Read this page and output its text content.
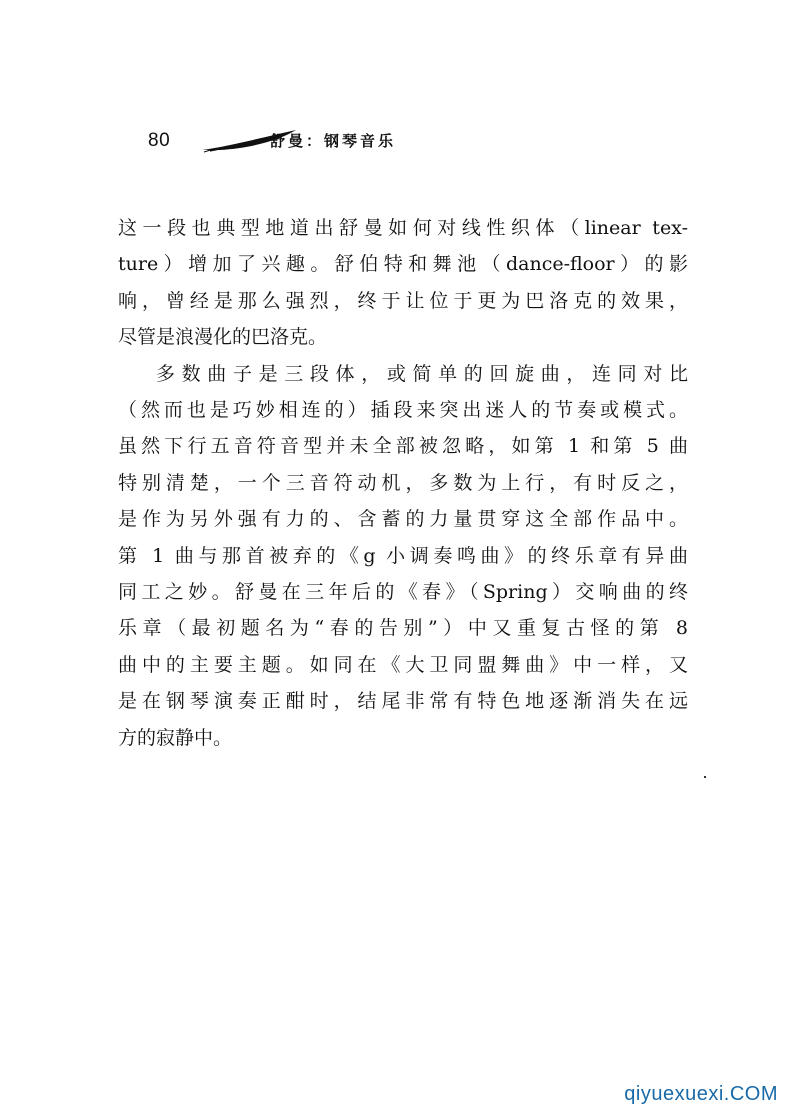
80	舒曼：钢琴音乐

这一段也典型地道出舒曼如何对线性织体（linear tex-
ture）增加了兴趣。舒伯特和舞池（dance-floor）的影
响，曾经是那么强烈，终于让位于更为巴洛克的效果，
尽管是浪漫化的巴洛克。

多数曲子是三段体，或简单的回旋曲，连同对比
（然而也是巧妙相连的）插段来突出迷人的节奏或模式。
虽然下行五音符音型并未全部被忽略，如第 1 和第 5 曲
特别清楚，一个三音符动机，多数为上行，有时反之，
是作为另外强有力的、含蓄的力量贯穿这全部作品中。
第 1 曲与那首被弃的《g 小调奏鸣曲》的终乐章有异曲
同工之妙。舒曼在三年后的《春》（Spring）交响曲的终
乐章（最初题名为“春的告别”）中又重复古怪的第 8
曲中的主要主题。如同在《大卫同盟舞曲》中一样，又
是在钢琴演奏正酣时，结尾非常有特色地逐渐消失在远
方的寂静中。

qiyuexuexi.COM
